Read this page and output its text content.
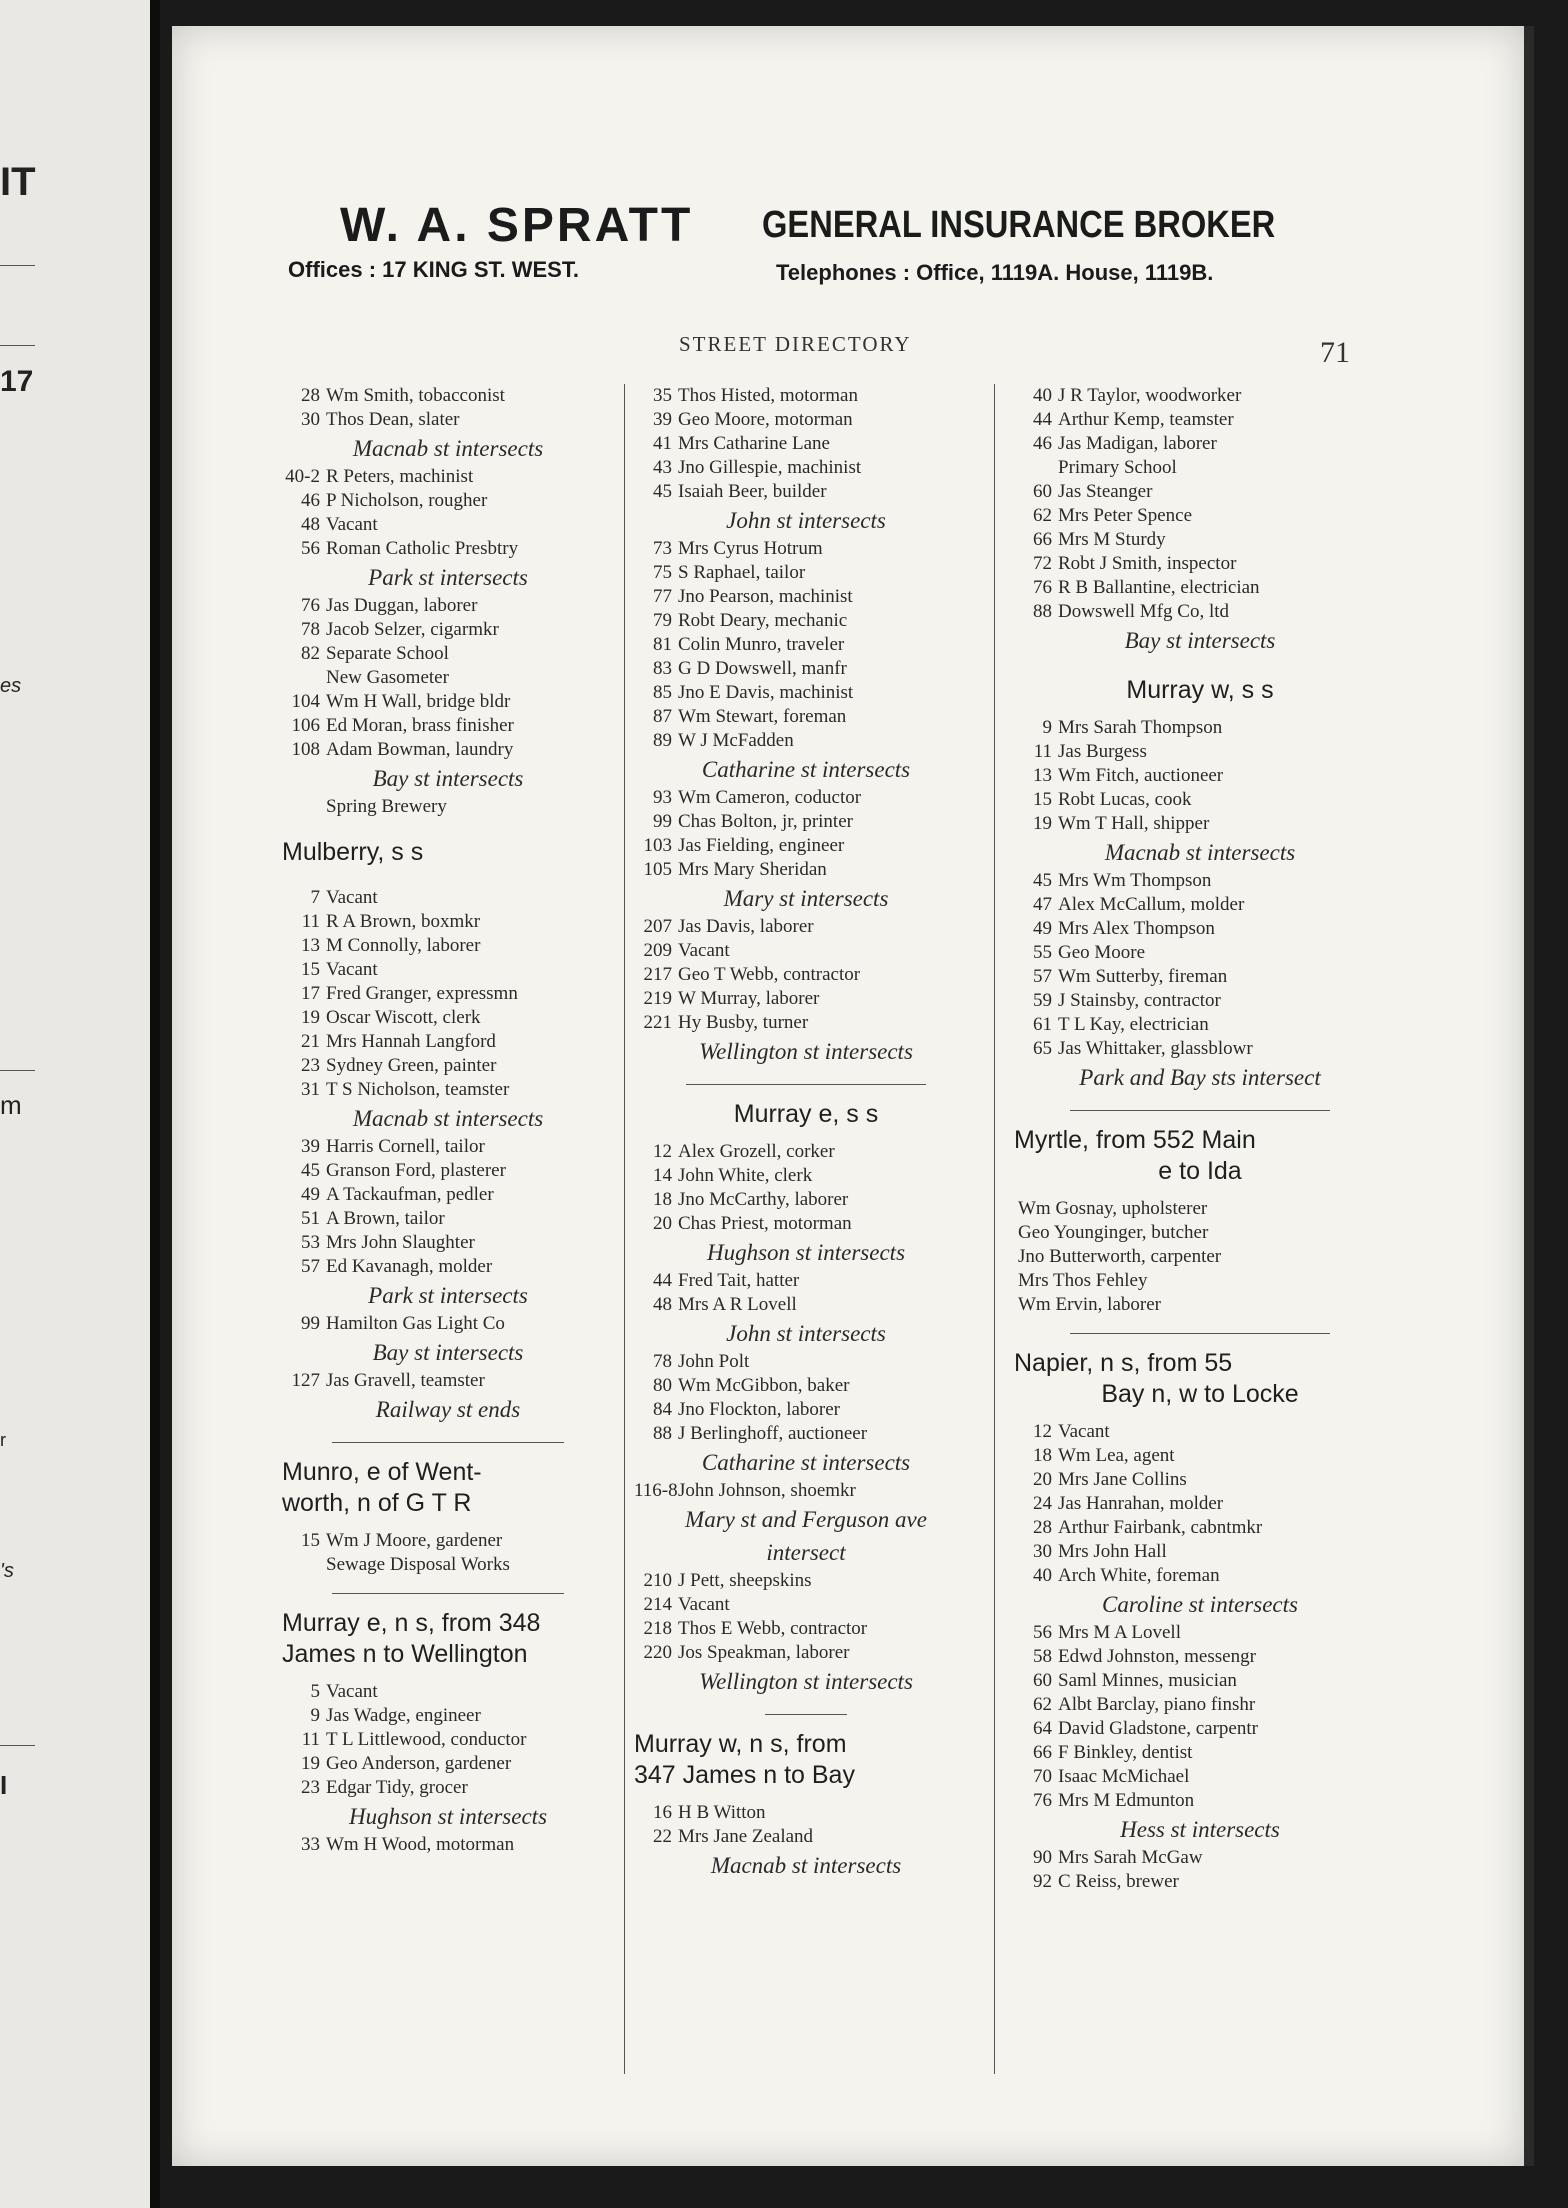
IT
17
es
m
r
's
I
W. A. SPRATT GENERAL INSURANCE BROKER
Offices : 17 KING ST. WEST.	Telephones : Office, 1119A. House, 1119B.
STREET DIRECTORY	71
28 Wm Smith, tobacconist
30 Thos Dean, slater
Macnab st intersects
40-2 R Peters, machinist
46 P Nicholson, rougher
48 Vacant
56 Roman Catholic Presbtry
Park st intersects
76 Jas Duggan, laborer
78 Jacob Selzer, cigarmkr
82 Separate School
New Gasometer
104 Wm H Wall, bridge bldr
106 Ed Moran, brass finisher
108 Adam Bowman, laundry
Bay st intersects
Spring Brewery
Mulberry, s s
7 Vacant
11 R A Brown, boxmkr
13 M Connolly, laborer
15 Vacant
17 Fred Granger, expressmn
19 Oscar Wiscott, clerk
21 Mrs Hannah Langford
23 Sydney Green, painter
31 T S Nicholson, teamster
Macnab st intersects
39 Harris Cornell, tailor
45 Granson Ford, plasterer
49 A Tackaufman, pedler
51 A Brown, tailor
53 Mrs John Slaughter
57 Ed Kavanagh, molder
Park st intersects
99 Hamilton Gas Light Co
Bay st intersects
127 Jas Gravell, teamster
Railway st ends
Munro, e of Went-
worth, n of G T R
15 Wm J Moore, gardener
Sewage Disposal Works
Murray e, n s, from 348
James n to Wellington
5 Vacant
9 Jas Wadge, engineer
11 T L Littlewood, conductor
19 Geo Anderson, gardener
23 Edgar Tidy, grocer
Hughson st intersects
33 Wm H Wood, motorman
35 Thos Histed, motorman
39 Geo Moore, motorman
41 Mrs Catharine Lane
43 Jno Gillespie, machinist
45 Isaiah Beer, builder
John st intersects
73 Mrs Cyrus Hotrum
75 S Raphael, tailor
77 Jno Pearson, machinist
79 Robt Deary, mechanic
81 Colin Munro, traveler
83 G D Dowswell, manfr
85 Jno E Davis, machinist
87 Wm Stewart, foreman
89 W J McFadden
Catharine st intersects
93 Wm Cameron, coductor
99 Chas Bolton, jr, printer
103 Jas Fielding, engineer
105 Mrs Mary Sheridan
Mary st intersects
207 Jas Davis, laborer
209 Vacant
217 Geo T Webb, contractor
219 W Murray, laborer
221 Hy Busby, turner
Wellington st intersects
Murray e, s s
12 Alex Grozell, corker
14 John White, clerk
18 Jno McCarthy, laborer
20 Chas Priest, motorman
Hughson st intersects
44 Fred Tait, hatter
48 Mrs A R Lovell
John st intersects
78 John Polt
80 Wm McGibbon, baker
84 Jno Flockton, laborer
88 J Berlinghoff, auctioneer
Catharine st intersects
116-8John Johnson, shoemkr
Mary st and Ferguson ave
intersect
210 J Pett, sheepskins
214 Vacant
218 Thos E Webb, contractor
220 Jos Speakman, laborer
Wellington st intersects
Murray w, n s, from
347 James n to Bay
16 H B Witton
22 Mrs Jane Zealand
Macnab st intersects
40 J R Taylor, woodworker
44 Arthur Kemp, teamster
46 Jas Madigan, laborer
Primary School
60 Jas Steanger
62 Mrs Peter Spence
66 Mrs M Sturdy
72 Robt J Smith, inspector
76 R B Ballantine, electrician
88 Dowswell Mfg Co, ltd
Bay st intersects
Murray w, s s
9 Mrs Sarah Thompson
11 Jas Burgess
13 Wm Fitch, auctioneer
15 Robt Lucas, cook
19 Wm T Hall, shipper
Macnab st intersects
45 Mrs Wm Thompson
47 Alex McCallum, molder
49 Mrs Alex Thompson
55 Geo Moore
57 Wm Sutterby, fireman
59 J Stainsby, contractor
61 T L Kay, electrician
65 Jas Whittaker, glassblowr
Park and Bay sts intersect
Myrtle, from 552 Main
e to Ida
Wm Gosnay, upholsterer
Geo Younginger, butcher
Jno Butterworth, carpenter
Mrs Thos Fehley
Wm Ervin, laborer
Napier, n s, from 55
Bay n, w to Locke
12 Vacant
18 Wm Lea, agent
20 Mrs Jane Collins
24 Jas Hanrahan, molder
28 Arthur Fairbank, cabntmkr
30 Mrs John Hall
40 Arch White, foreman
Caroline st intersects
56 Mrs M A Lovell
58 Edwd Johnston, messengr
60 Saml Minnes, musician
62 Albt Barclay, piano finshr
64 David Gladstone, carpentr
66 F Binkley, dentist
70 Isaac McMichael
76 Mrs M Edmunton
Hess st intersects
90 Mrs Sarah McGaw
92 C Reiss, brewer
